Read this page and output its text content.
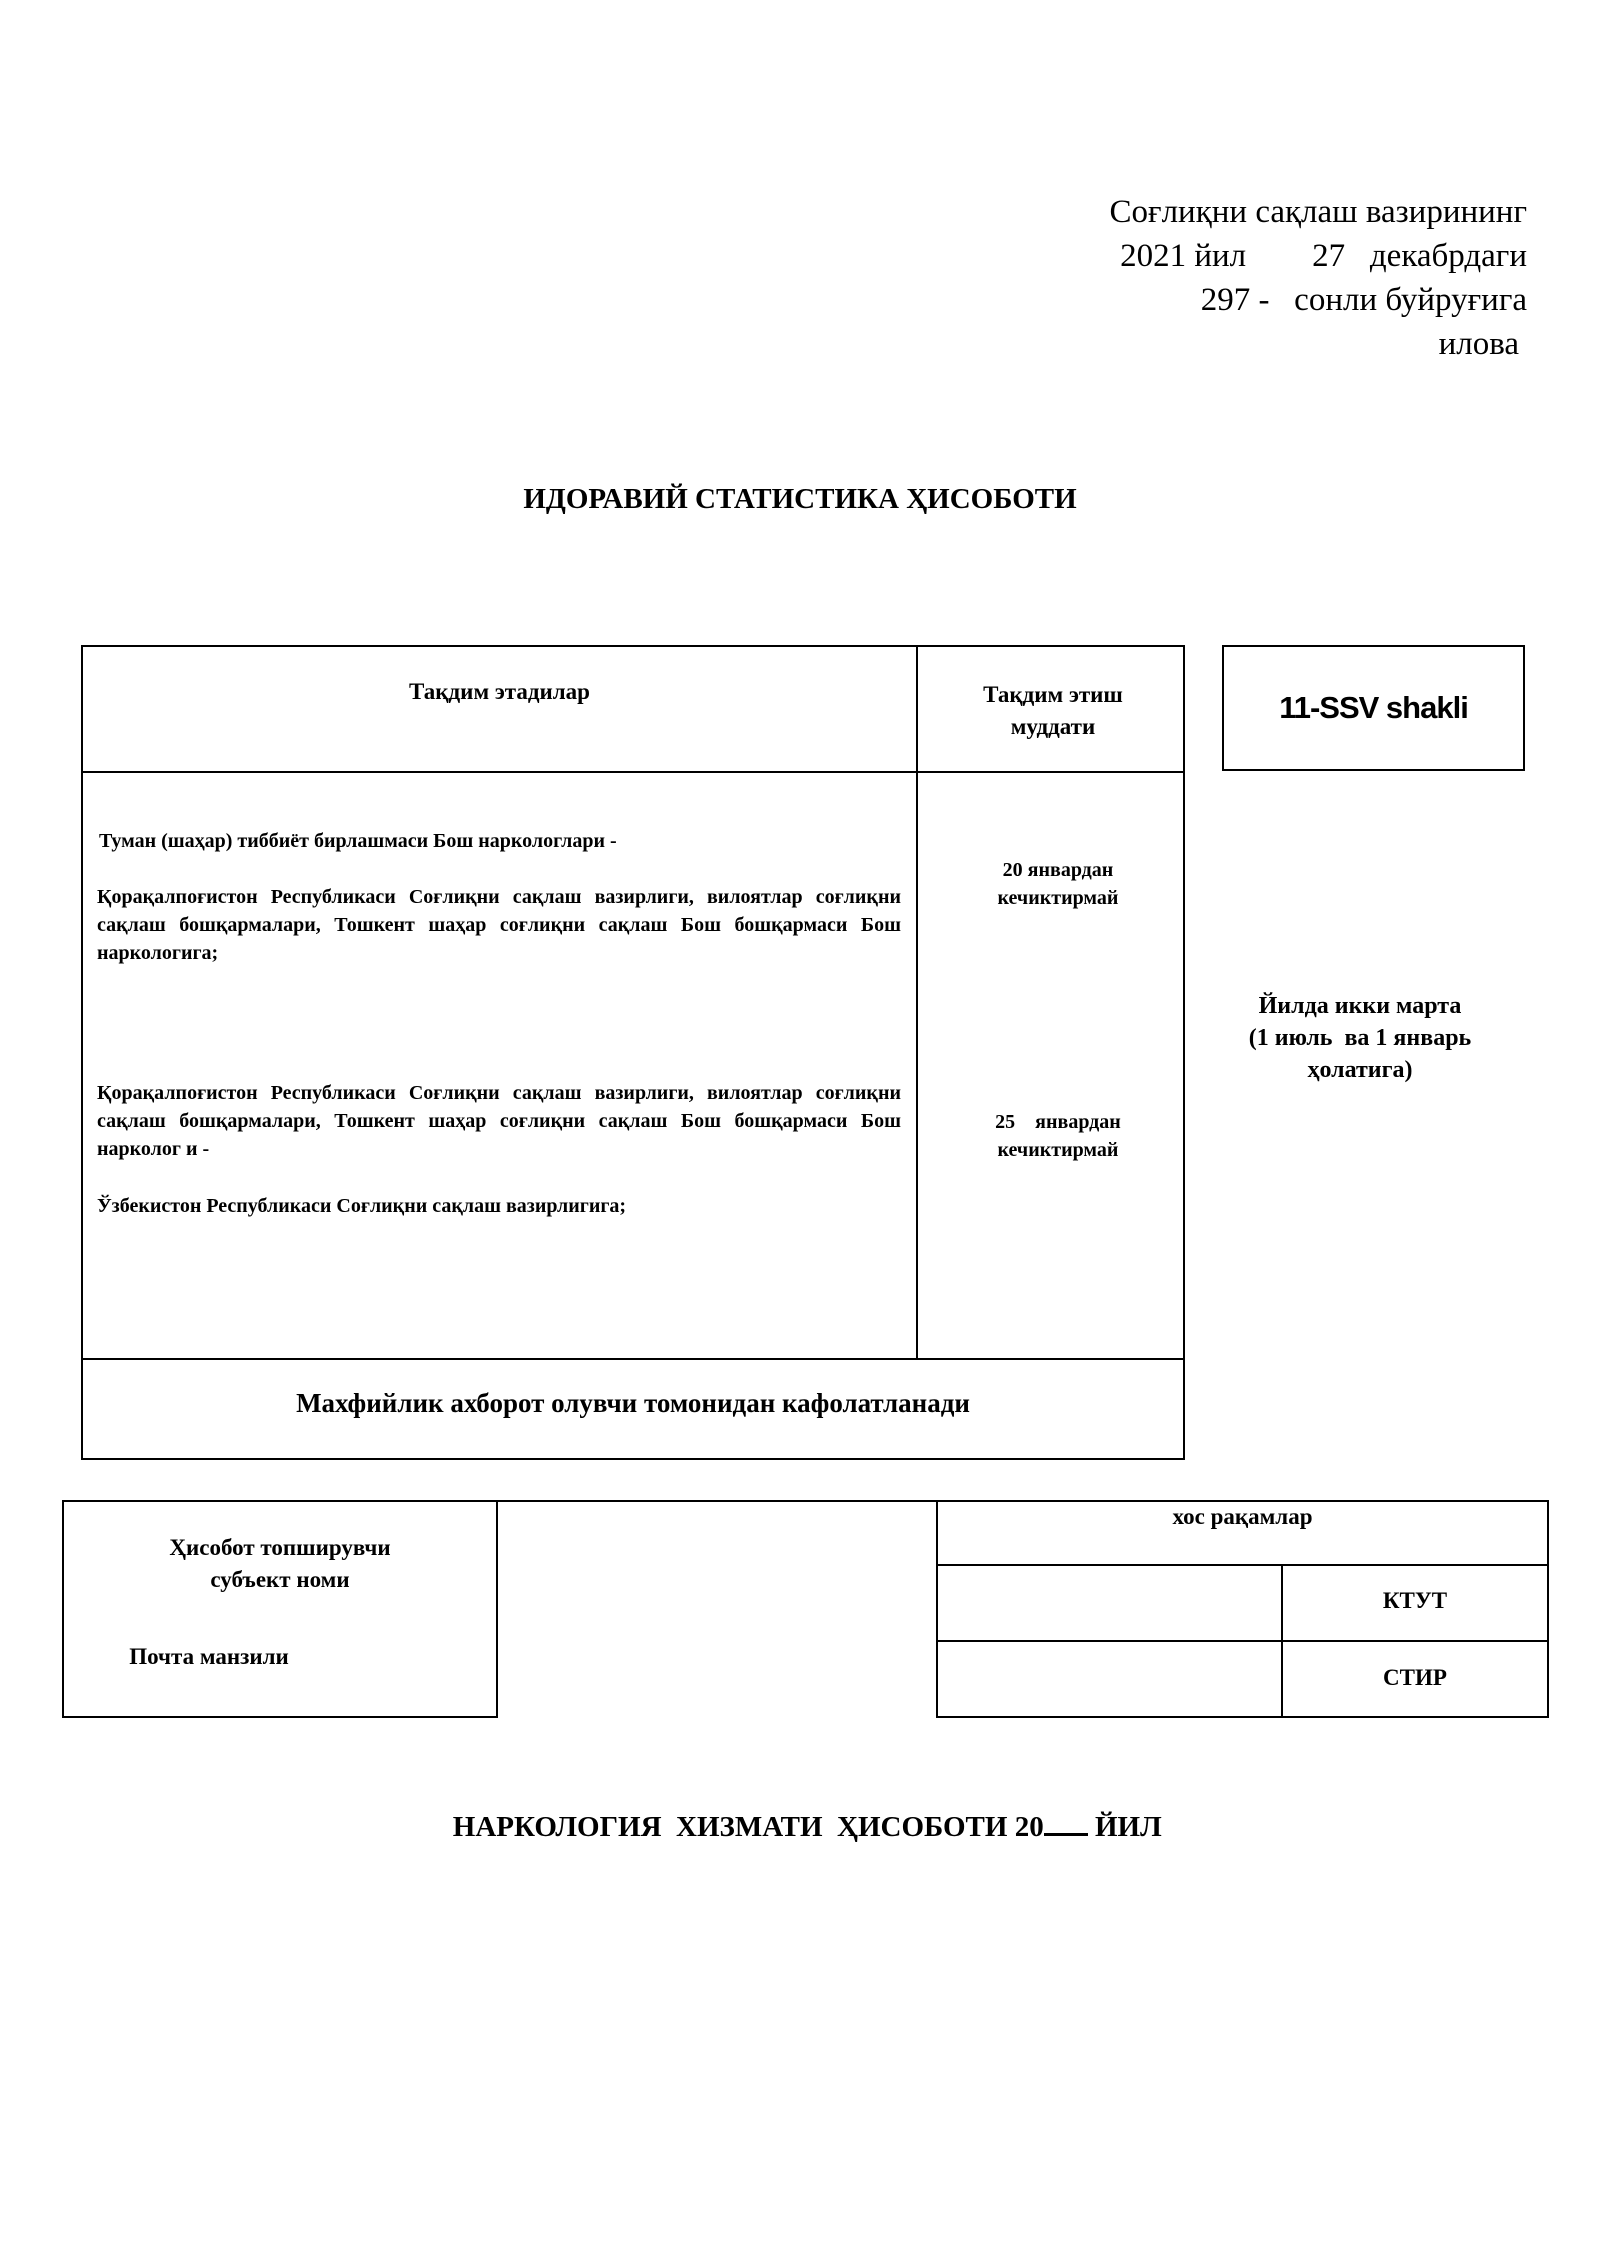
Соғлиқни сақлаш вазирининг
2021 йил        27   декабрдаги
297 -   сонли буйруғига
илова
ИДОРАВИЙ СТАТИСТИКА ҲИСОБОТИ
Тақдим этадилар	Тақдим этиш муддати
Туман (шаҳар) тиббиёт бирлашмаси Бош наркологлари -
Қорақалпоғистон Республикаси Соғлиқни сақлаш вазирлиги, вилоятлар соғлиқни сақлаш бошқармалари, Тошкент шаҳар соғлиқни сақлаш Бош бошқармаси Бош наркологига;
20 январдан кечиктирмай
Қорақалпоғистон Республикаси Соғлиқни сақлаш вазирлиги, вилоятлар соғлиқни сақлаш бошқармалари, Тошкент шаҳар соғлиқни сақлаш Бош бошқармаси Бош нарколог и -
Ўзбекистон Республикаси Соғлиқни сақлаш вазирлигига;
25    январдан кечиктирмай
Махфийлик ахборот олувчи томонидан кафолатланади
11-SSV shakli
Йилда икки марта
(1 июль  ва 1 январь
ҳолатига)
Ҳисобот топширувчи субъект номи
Почта манзили
хос рақамлар
КТУТ
СТИР

НАРКОЛОГИЯ  ХИЗМАТИ  ҲИСОБОТИ 20 ЙИЛ
